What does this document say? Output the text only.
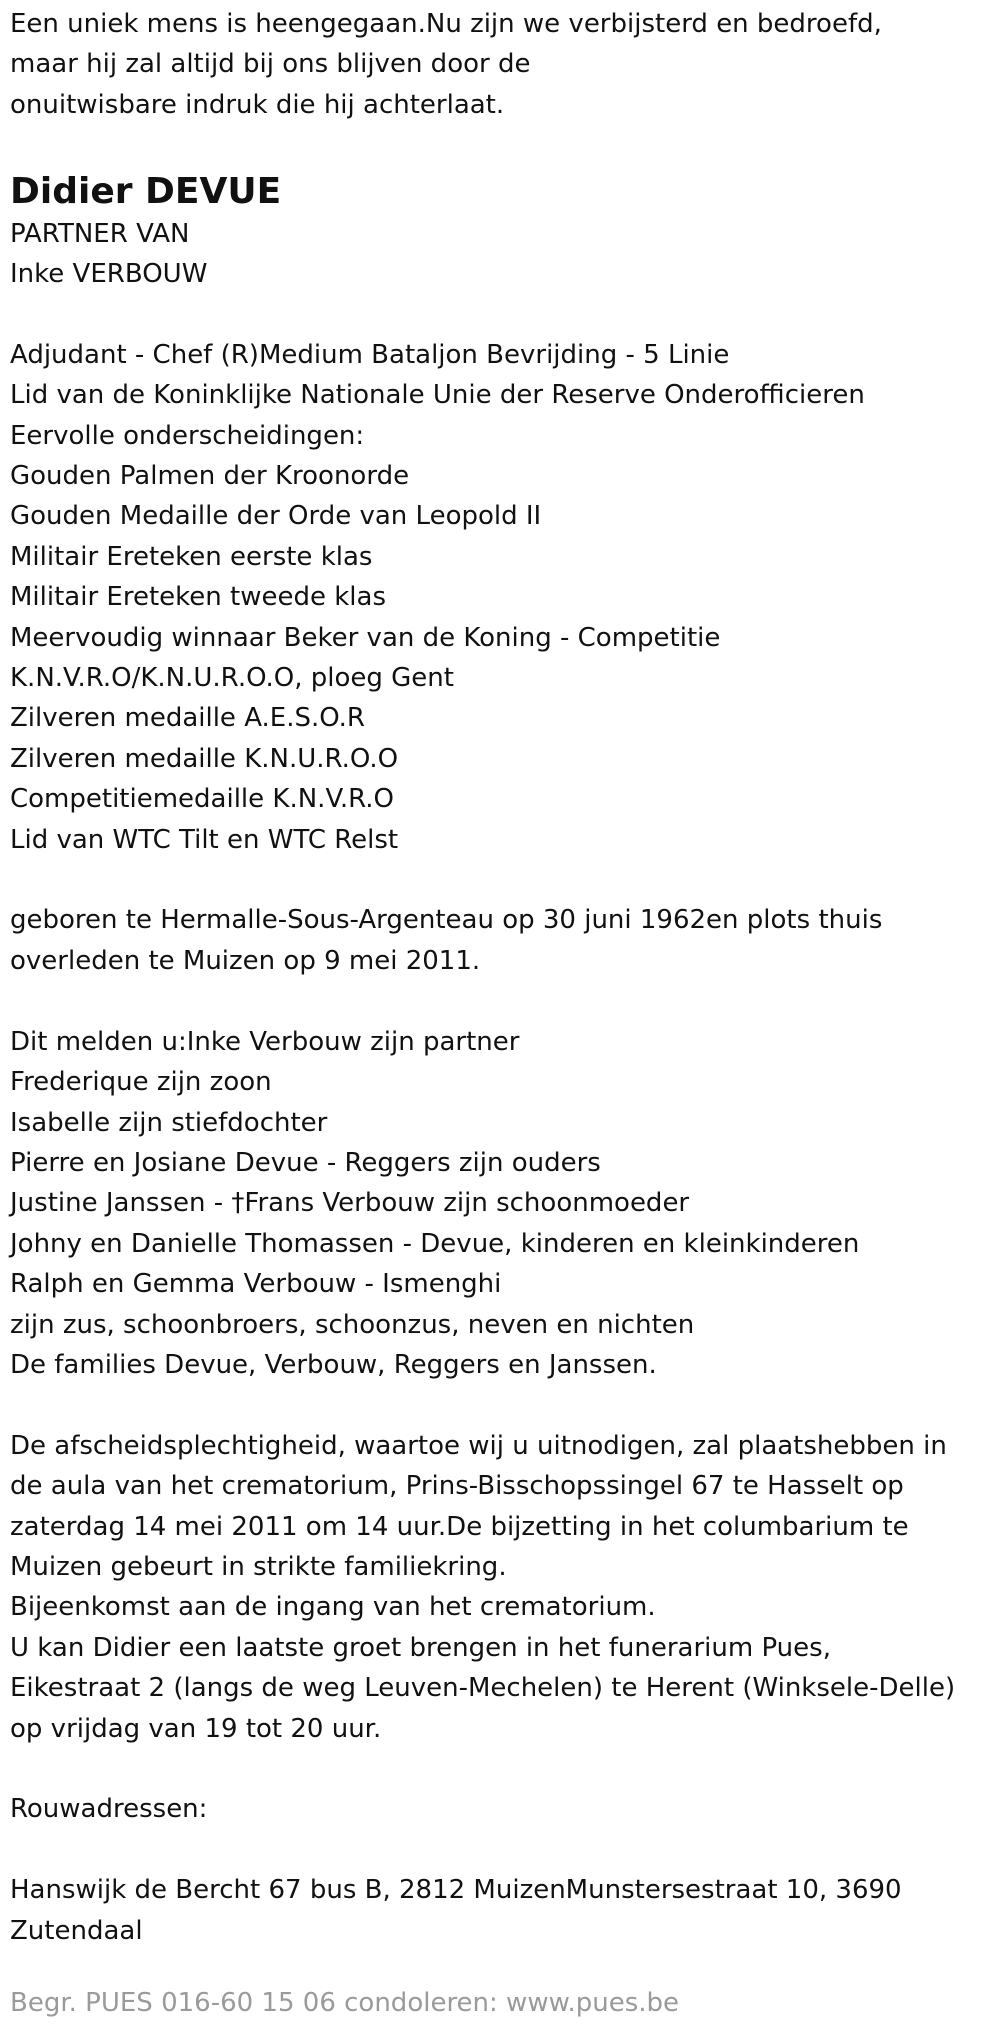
Een uniek mens is heengegaan.Nu zijn we verbijsterd en bedroefd,
maar hij zal altijd bij ons blijven door de
onuitwisbare indruk die hij achterlaat.
Didier DEVUE
PARTNER VAN
Inke VERBOUW
Adjudant - Chef (R)Medium Bataljon Bevrijding - 5 Linie
Lid van de Koninklijke Nationale Unie der Reserve Onderofficieren
Eervolle onderscheidingen:
Gouden Palmen der Kroonorde
Gouden Medaille der Orde van Leopold II
Militair Ereteken eerste klas
Militair Ereteken tweede klas
Meervoudig winnaar Beker van de Koning - Competitie
K.N.V.R.O/K.N.U.R.O.O, ploeg Gent
Zilveren medaille A.E.S.O.R
Zilveren medaille K.N.U.R.O.O
Competitiemedaille K.N.V.R.O
Lid van WTC Tilt en WTC Relst
geboren te Hermalle-Sous-Argenteau op 30 juni 1962en plots thuis
overleden te Muizen op 9 mei 2011.
Dit melden u:Inke Verbouw zijn partner
Frederique zijn zoon
Isabelle zijn stiefdochter
Pierre en Josiane Devue - Reggers zijn ouders
Justine Janssen - †Frans Verbouw zijn schoonmoeder
Johny en Danielle Thomassen - Devue, kinderen en kleinkinderen
Ralph en Gemma Verbouw - Ismenghi
zijn zus, schoonbroers, schoonzus, neven en nichten
De families Devue, Verbouw, Reggers en Janssen.
De afscheidsplechtigheid, waartoe wij u uitnodigen, zal plaatshebben in
de aula van het crematorium, Prins-Bisschopssingel 67 te Hasselt op
zaterdag 14 mei 2011 om 14 uur.De bijzetting in het columbarium te
Muizen gebeurt in strikte familiekring.
Bijeenkomst aan de ingang van het crematorium.
U kan Didier een laatste groet brengen in het funerarium Pues,
Eikestraat 2 (langs de weg Leuven-Mechelen) te Herent (Winksele-Delle)
op vrijdag van 19 tot 20 uur.
Rouwadressen:
Hanswijk de Bercht 67 bus B, 2812 MuizenMunstersestraat 10, 3690
Zutendaal
Begr. PUES 016-60 15 06 condoleren: www.pues.be
